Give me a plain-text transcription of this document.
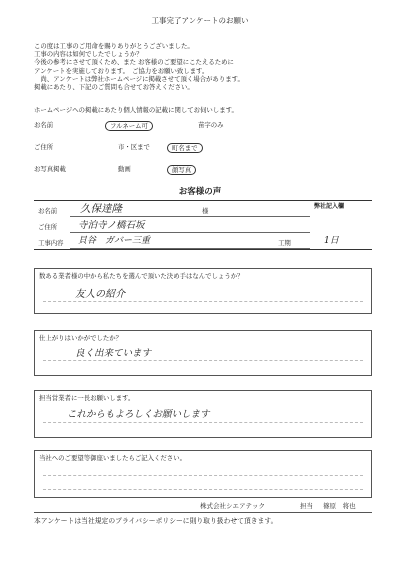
工事完了アンケートのお願い
この度は工事のご用命を賜りありがとうございました。
工事の内容は如何でしたでしょうか？
今後の参考にさせて頂くため、また お客様のご要望にこたえるために
アンケートを実施しております。　ご協力をお願い致します。
　尚、アンケートは弊社ホームページに掲載させて頂く場合があります。
掲載にあたり、下記のご質問も合せてお答えください。
ホームページへの掲載にあたり個人情報の記載に関してお伺いします。
お名前	フルネーム可	苗字のみ
ご住所	市・区まで	町名まで
お写真掲載	動画	顔写真
お客様の声
お名前 久保達隆	様
ご住所 寺泊寺ノ橋石坂
工事内容 貝谷　ガバー三重	工期	1日
弊社記入欄
数ある業者様の中から私たちを選んで頂いた決め手はなんでしょうか？
友人の紹介
仕上がりはいかがでしたか？
良く出来ています
担当営業者に一長お願いします。
これからもよろしくお願いします
当社へのご要望等御座いましたらご記入ください。
株式会社シエアテック	担当 篠原　将也
本アンケートは当社規定のプライバシーポリシーに則り取り扱わせて頂きます。
